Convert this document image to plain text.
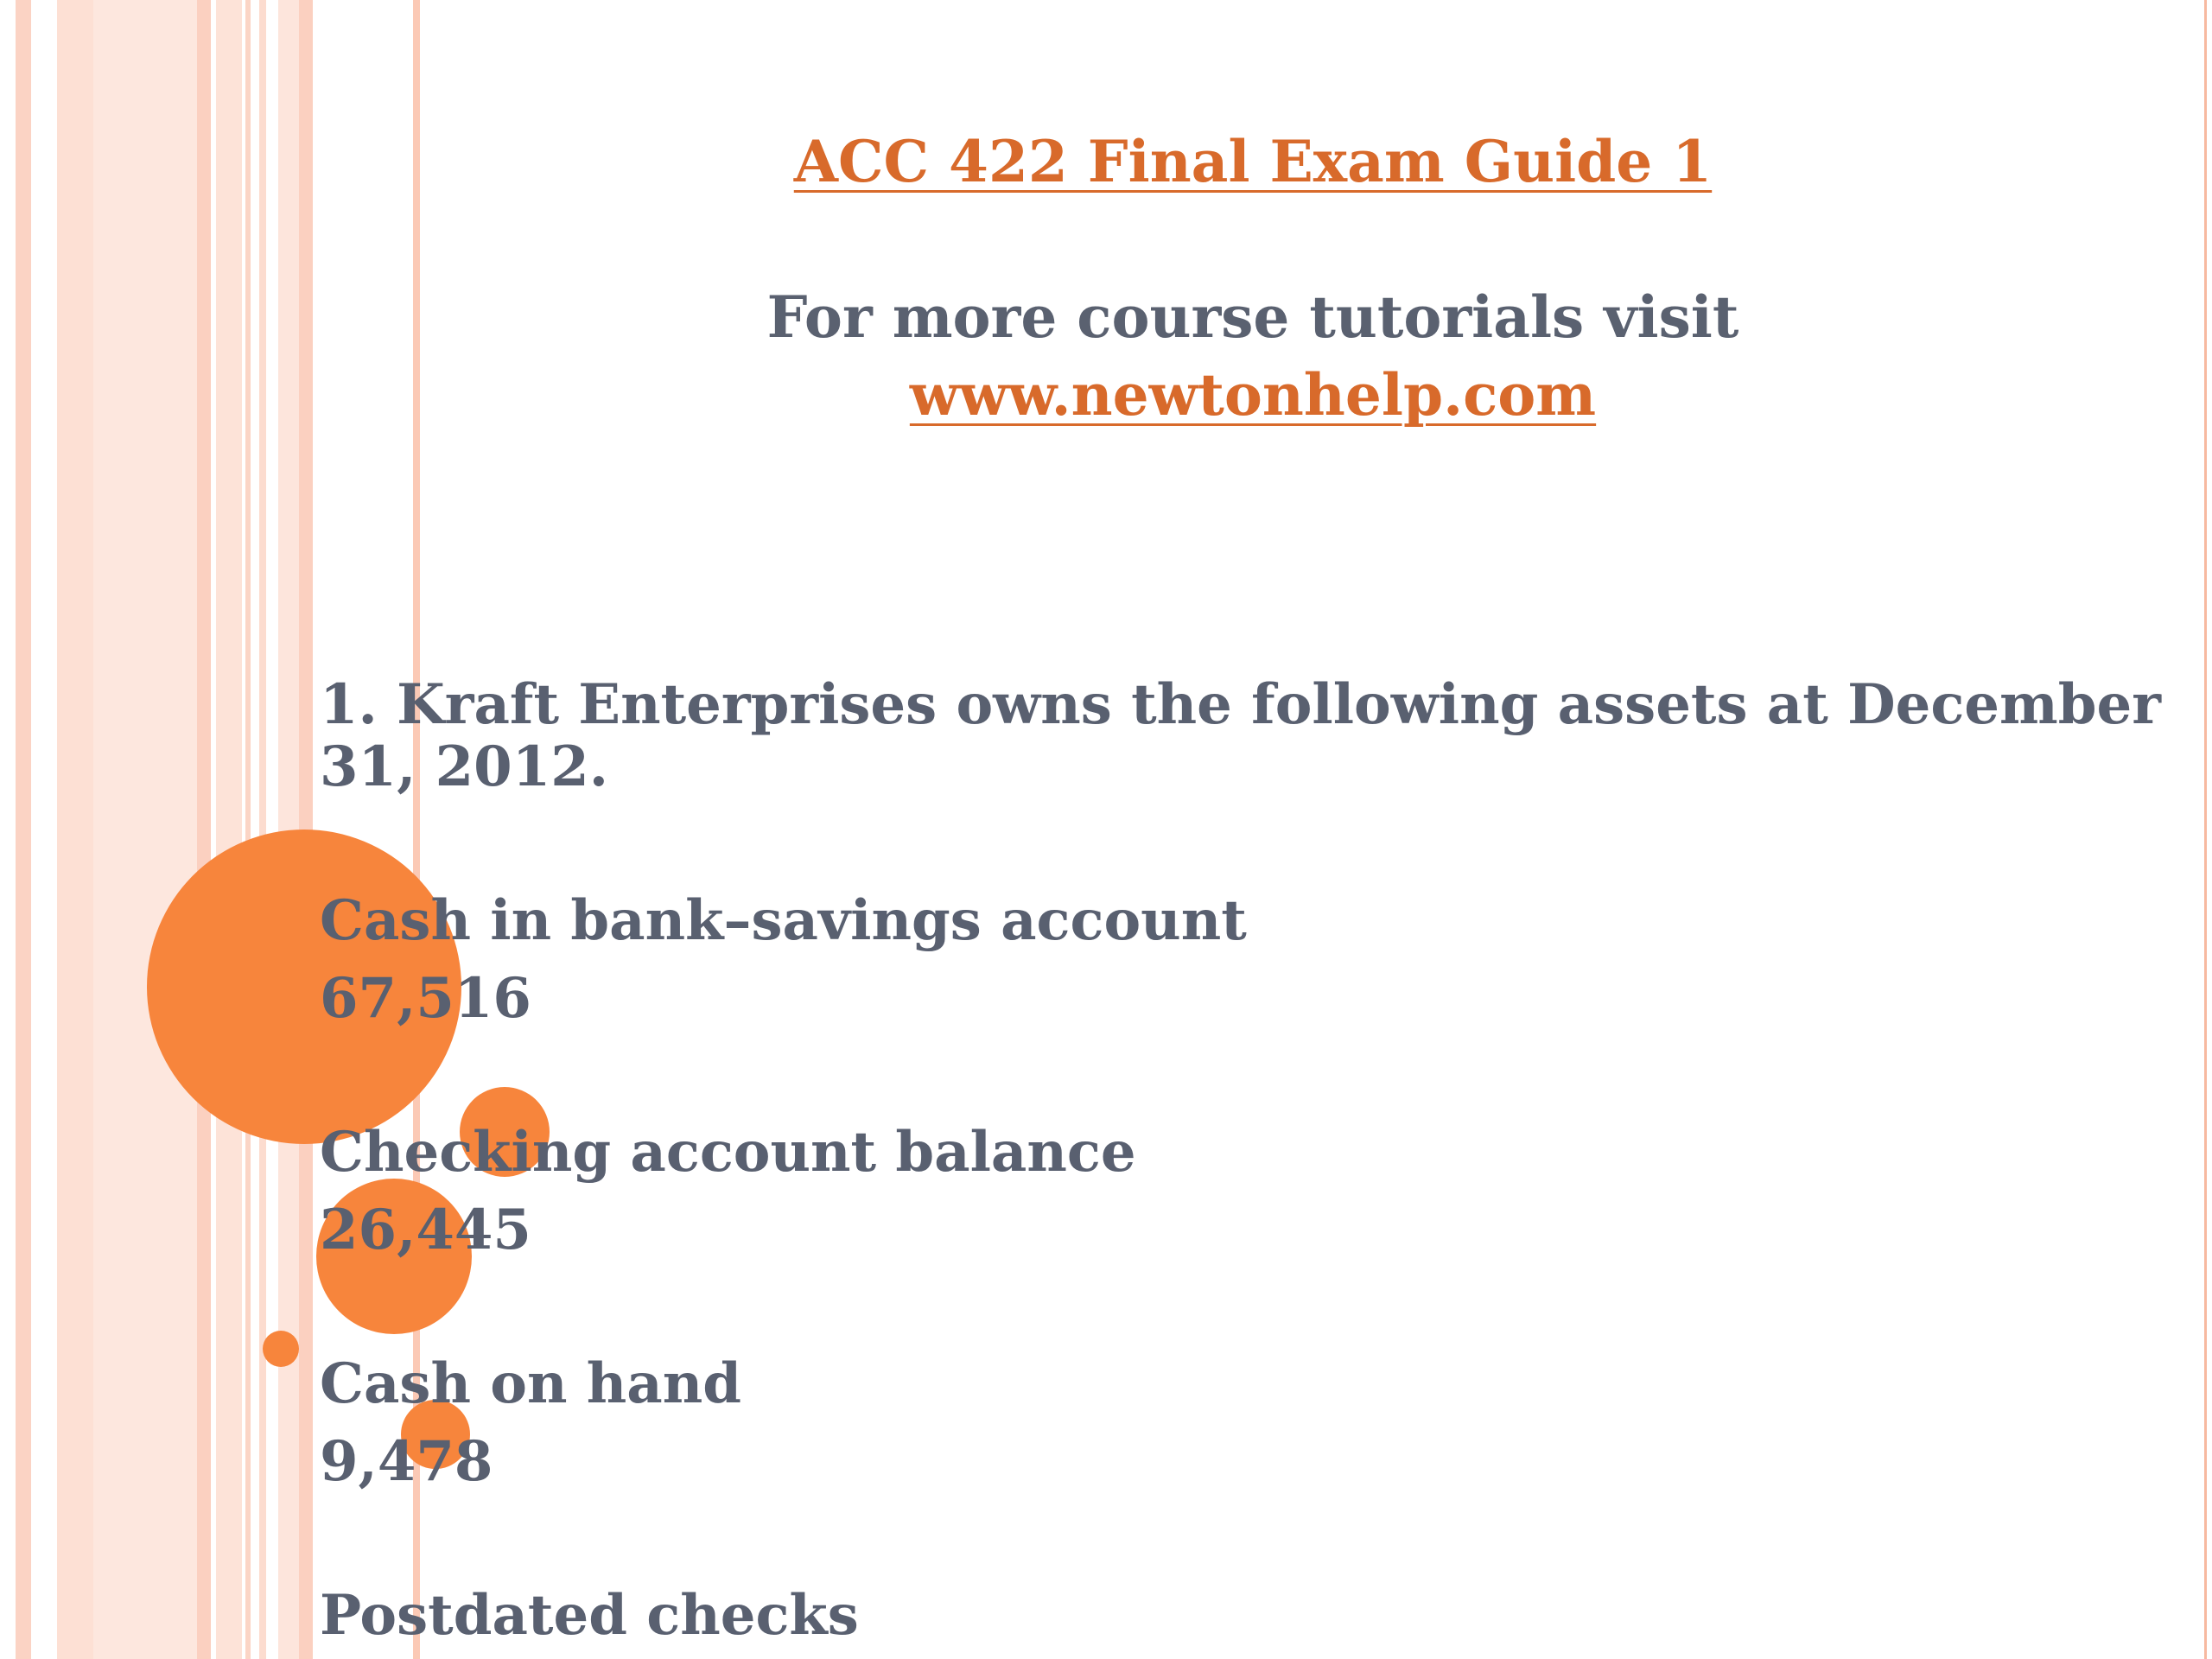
ACC 422 Final Exam Guide 1
For more course tutorials visit
www.newtonhelp.com

1. Kraft Enterprises owns the following assets at December 31, 2012.

Cash in bank–savings account
67,516
Checking account balance
26,445
Cash on hand
9,478
Postdated checks
